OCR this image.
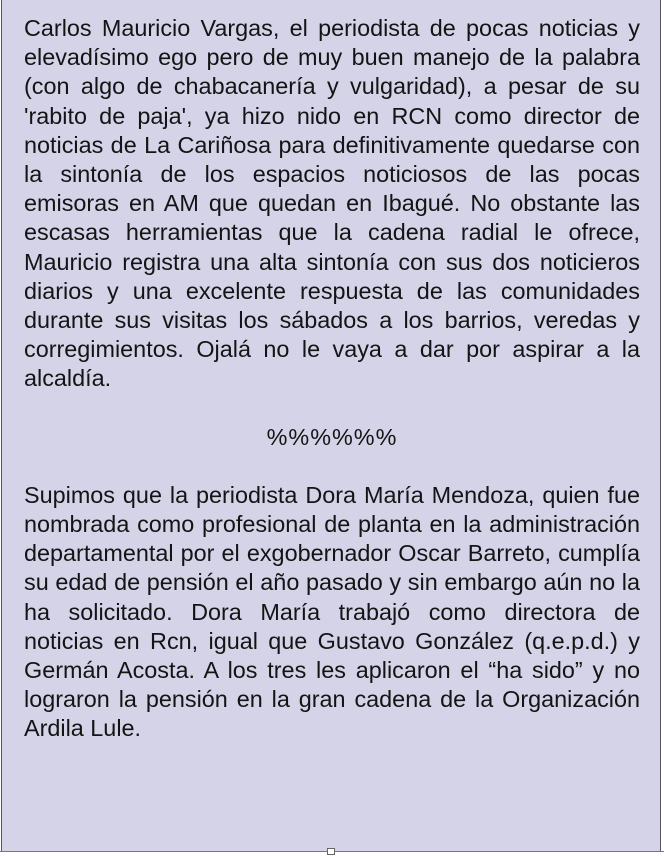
Carlos Mauricio Vargas, el periodista de pocas noticias y elevadísimo ego pero de muy buen manejo de la palabra (con algo de chabacanería y vulgaridad), a pesar de su 'rabito de paja', ya hizo nido en RCN como director de noticias de La Cariñosa para definitivamente quedarse con la sintonía de los espacios noticiosos de las pocas emisoras en AM que quedan en Ibagué. No obstante las escasas herramientas que la cadena radial le ofrece, Mauricio registra una alta sintonía con sus dos noticieros diarios y una excelente respuesta de las comunidades durante sus visitas los sábados a los barrios, veredas y corregimientos. Ojalá no le vaya a dar por aspirar a la alcaldía.

%%%%%%

Supimos que la periodista Dora María Mendoza, quien fue nombrada como profesional de planta en la administración departamental por el exgobernador Oscar Barreto, cumplía su edad de pensión el año pasado y sin embargo aún no la ha solicitado. Dora María trabajó como directora de noticias en Rcn, igual que Gustavo González (q.e.p.d.) y Germán Acosta. A los tres les aplicaron el “ha sido” y no lograron la pensión en la gran cadena de la Organización Ardila Lule.
